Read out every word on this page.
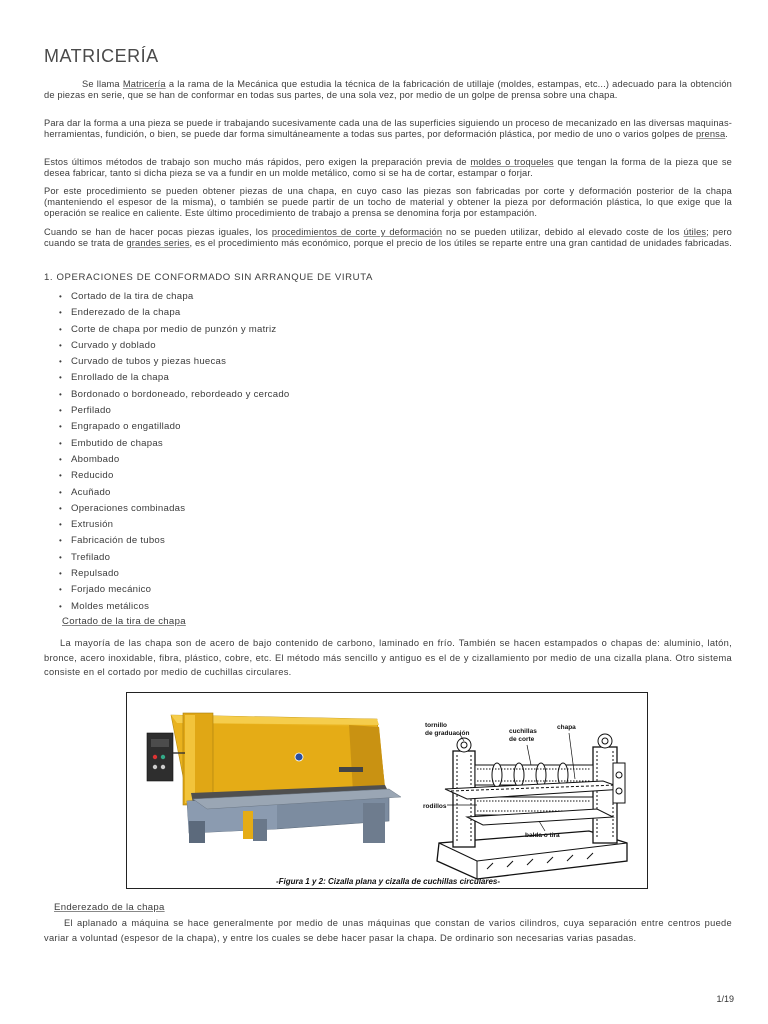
MATRICERÍA

Se llama Matricería a la rama de la Mecánica que estudia la técnica de la fabricación de utillaje (moldes, estampas, etc...) adecuado para la obtención de piezas en serie, que se han de conformar en todas sus partes, de una sola vez, por medio de un golpe de prensa sobre una chapa.

Para dar la forma a una pieza se puede ir trabajando sucesivamente cada una de las superficies siguiendo un proceso de mecanizado en las diversas maquinas-herramientas, fundición, o bien, se puede dar forma simultáneamente a todas sus partes, por deformación plástica, por medio de uno o varios golpes de prensa.

Estos últimos métodos de trabajo son mucho más rápidos, pero exigen la preparación previa de moldes o troqueles que tengan la forma de la pieza que se desea fabricar, tanto si dicha pieza se va a fundir en un molde metálico, como si se ha de cortar, estampar o forjar.

Por este procedimiento se pueden obtener piezas de una chapa, en cuyo caso las piezas son fabricadas por corte y deformación posterior de la chapa (manteniendo el espesor de la misma), o también se puede partir de un tocho de material y obtener la pieza por deformación plástica, lo que exige que la operación se realice en caliente. Este último procedimiento de trabajo a prensa se denomina forja por estampación.

Cuando se han de hacer pocas piezas iguales, los procedimientos de corte y deformación no se pueden utilizar, debido al elevado coste de los útiles; pero cuando se trata de grandes series, es el procedimiento más económico, porque el precio de los útiles se reparte entre una gran cantidad de unidades fabricadas.

1. OPERACIONES DE CONFORMADO SIN ARRANQUE DE VIRUTA
• Cortado de la tira de chapa
• Enderezado de la chapa
• Corte de chapa por medio de punzón y matriz
• Curvado y doblado
• Curvado de tubos y piezas huecas
• Enrollado de la chapa
• Bordonado o bordoneado, rebordeado y cercado
• Perfilado
• Engrapado o engatillado
• Embutido de chapas
• Abombado
• Reducido
• Acuñado
• Operaciones combinadas
• Extrusión
• Fabricación de tubos
• Trefilado
• Repulsado
• Forjado mecánico
• Moldes metálicos
Cortado de la tira de chapa

La mayoría de las chapa son de acero de bajo contenido de carbono, laminado en frío. También se hacen estampados o chapas de: aluminio, latón, bronce, acero inoxidable, fibra, plástico, cobre, etc. El método más sencillo y antiguo es el de y cizallamiento por medio de una cizalla plana. Otro sistema consiste en el cortado por medio de cuchillas circulares.

tornillo
de graduación	cuchillas
de corte
chapa
rodillos
balda o tira
-Figura 1 y 2: Cizalla plana y cizalla de cuchillas circulares-
Enderezado de la chapa

El aplanado a máquina se hace generalmente por medio de unas máquinas que constan de varios cilindros, cuya separación entre centros puede variar a voluntad (espesor de la chapa), y entre los cuales se debe hacer pasar la chapa. De ordinario son necesarias varias pasadas.

1/19
